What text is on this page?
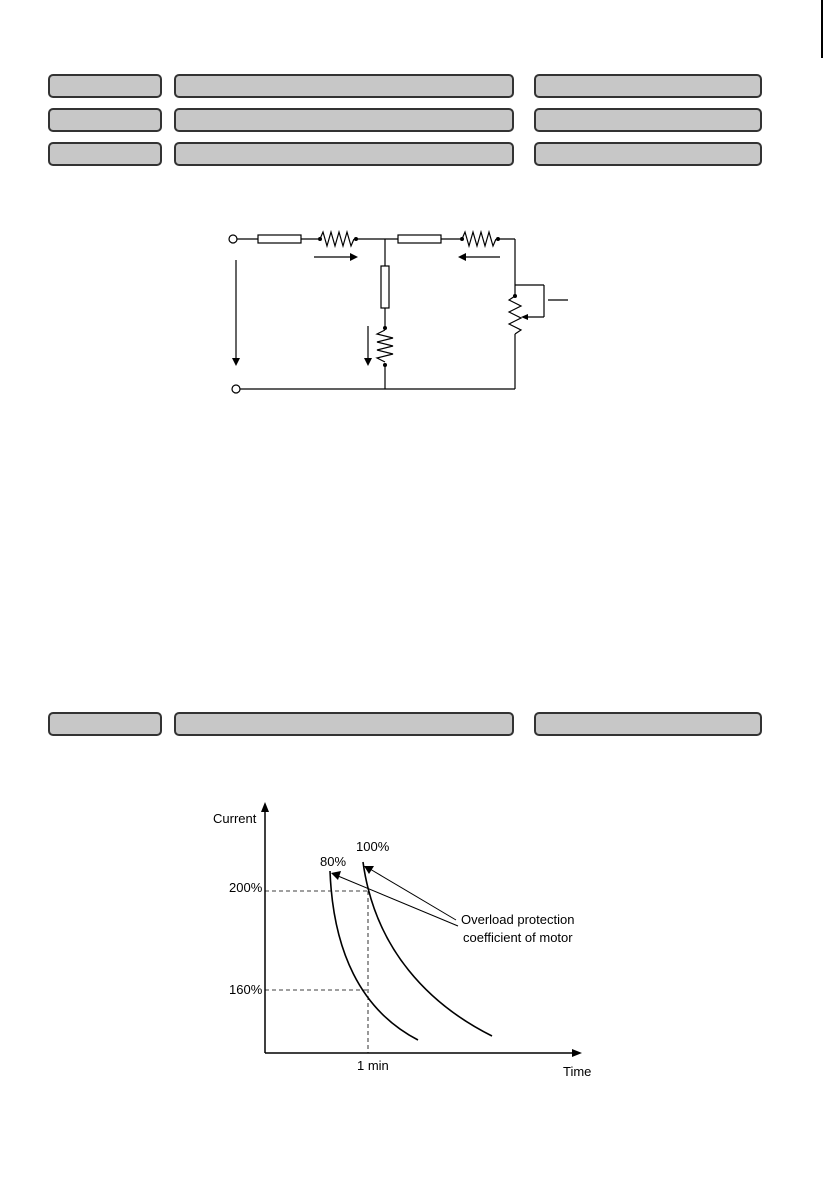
Current
Time
200%
160%
1 min
80%
100%
Overload protection
coefficient of motor
